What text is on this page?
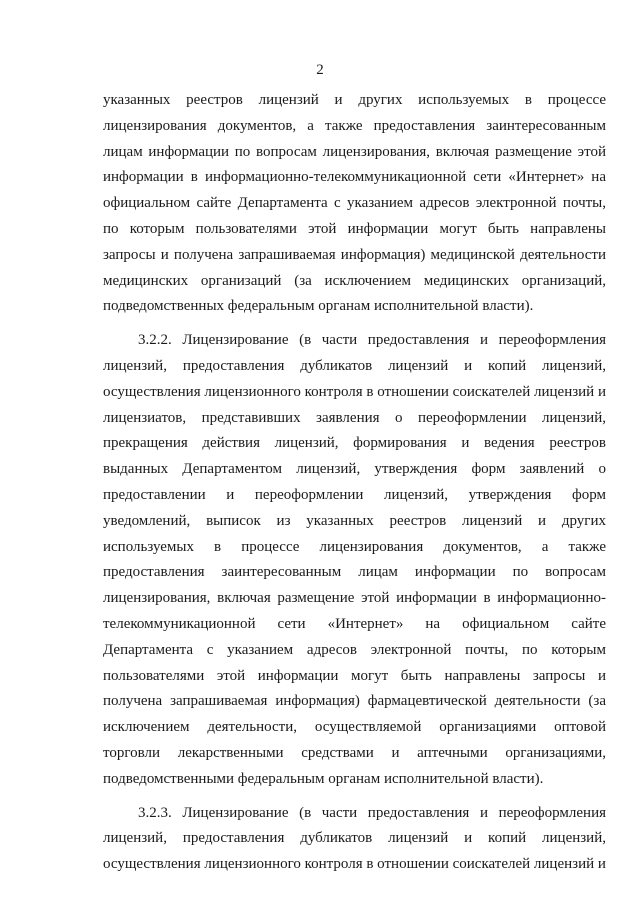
2

указанных реестров лицензий и других используемых в процессе лицензирования документов, а также предоставления заинтересованным лицам информации по вопросам лицензирования, включая размещение этой информации в информационно-телекоммуникационной сети «Интернет» на официальном сайте Департамента с указанием адресов электронной почты, по которым пользователями этой информации могут быть направлены запросы и получена запрашиваемая информация) медицинской деятельности медицинских организаций (за исключением медицинских организаций, подведомственных федеральным органам исполнительной власти).

3.2.2. Лицензирование (в части предоставления и переоформления лицензий, предоставления дубликатов лицензий и копий лицензий, осуществления лицензионного контроля в отношении соискателей лицензий и лицензиатов, представивших заявления о переоформлении лицензий, прекращения действия лицензий, формирования и ведения реестров выданных Департаментом лицензий, утверждения форм заявлений о предоставлении и переоформлении лицензий, утверждения форм уведомлений, выписок из указанных реестров лицензий и других используемых в процессе лицензирования документов, а также предоставления заинтересованным лицам информации по вопросам лицензирования, включая размещение этой информации в информационно-телекоммуникационной сети «Интернет» на официальном сайте Департамента с указанием адресов электронной почты, по которым пользователями этой информации могут быть направлены запросы и получена запрашиваемая информация) фармацевтической деятельности (за исключением деятельности, осуществляемой организациями оптовой торговли лекарственными средствами и аптечными организациями, подведомственными федеральным органам исполнительной власти).

3.2.3. Лицензирование (в части предоставления и переоформления лицензий, предоставления дубликатов лицензий и копий лицензий, осуществления лицензионного контроля в отношении соискателей лицензий и
